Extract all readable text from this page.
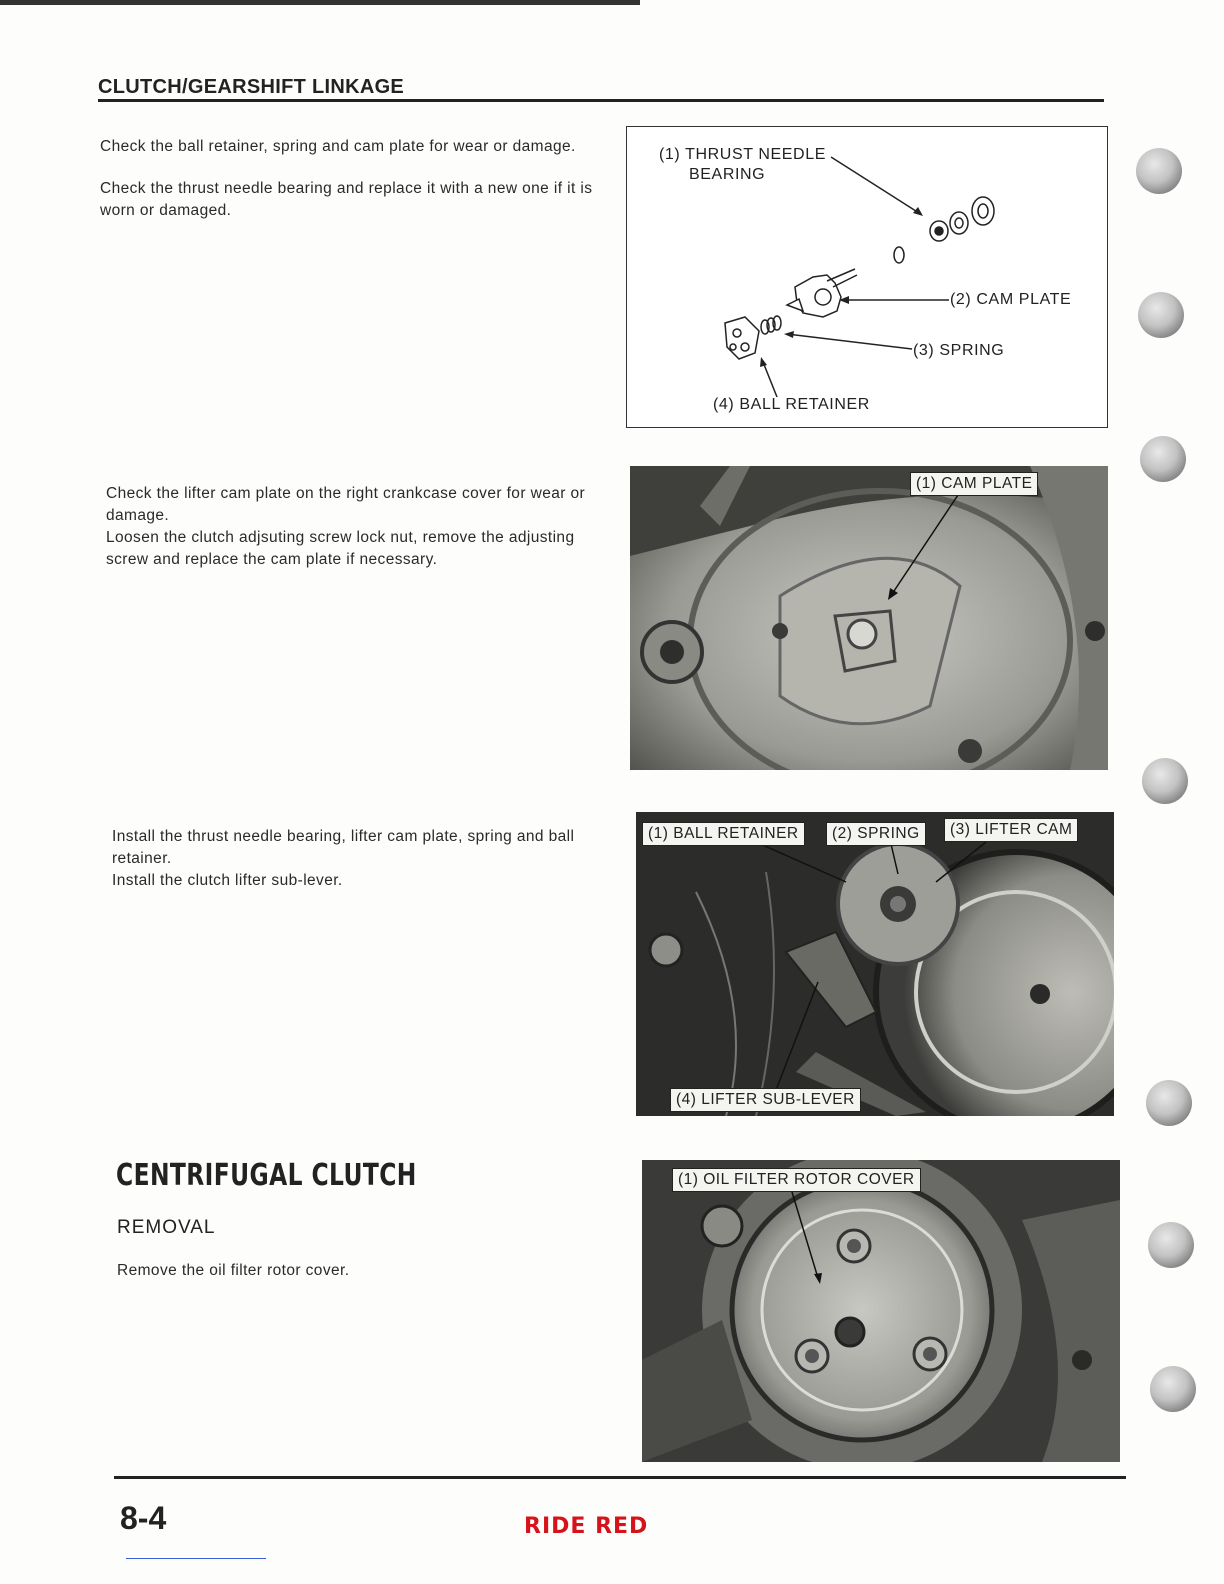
CLUTCH/GEARSHIFT LINKAGE

Check the ball retainer, spring and cam plate for wear or damage.

Check the thrust needle bearing and replace it with a new one if it is worn or damaged.

(1) THRUST NEEDLE
BEARING
(2) CAM PLATE
(3) SPRING
(4) BALL RETAINER

Check the lifter cam plate on the right crankcase cover for wear or damage.

Loosen the clutch adjsuting screw lock nut, remove the adjusting screw and replace the cam plate if necessary.

(1) CAM PLATE

Install the thrust needle bearing, lifter cam plate, spring and ball retainer.

Install the clutch lifter sub-lever.

(1) BALL RETAINER	(2) SPRING	(3) LIFTER CAM
(4) LIFTER SUB-LEVER
CENTRIFUGAL CLUTCH
REMOVAL

Remove the oil filter rotor cover.

(1) OIL FILTER ROTOR COVER
8-4	RIDE RED
